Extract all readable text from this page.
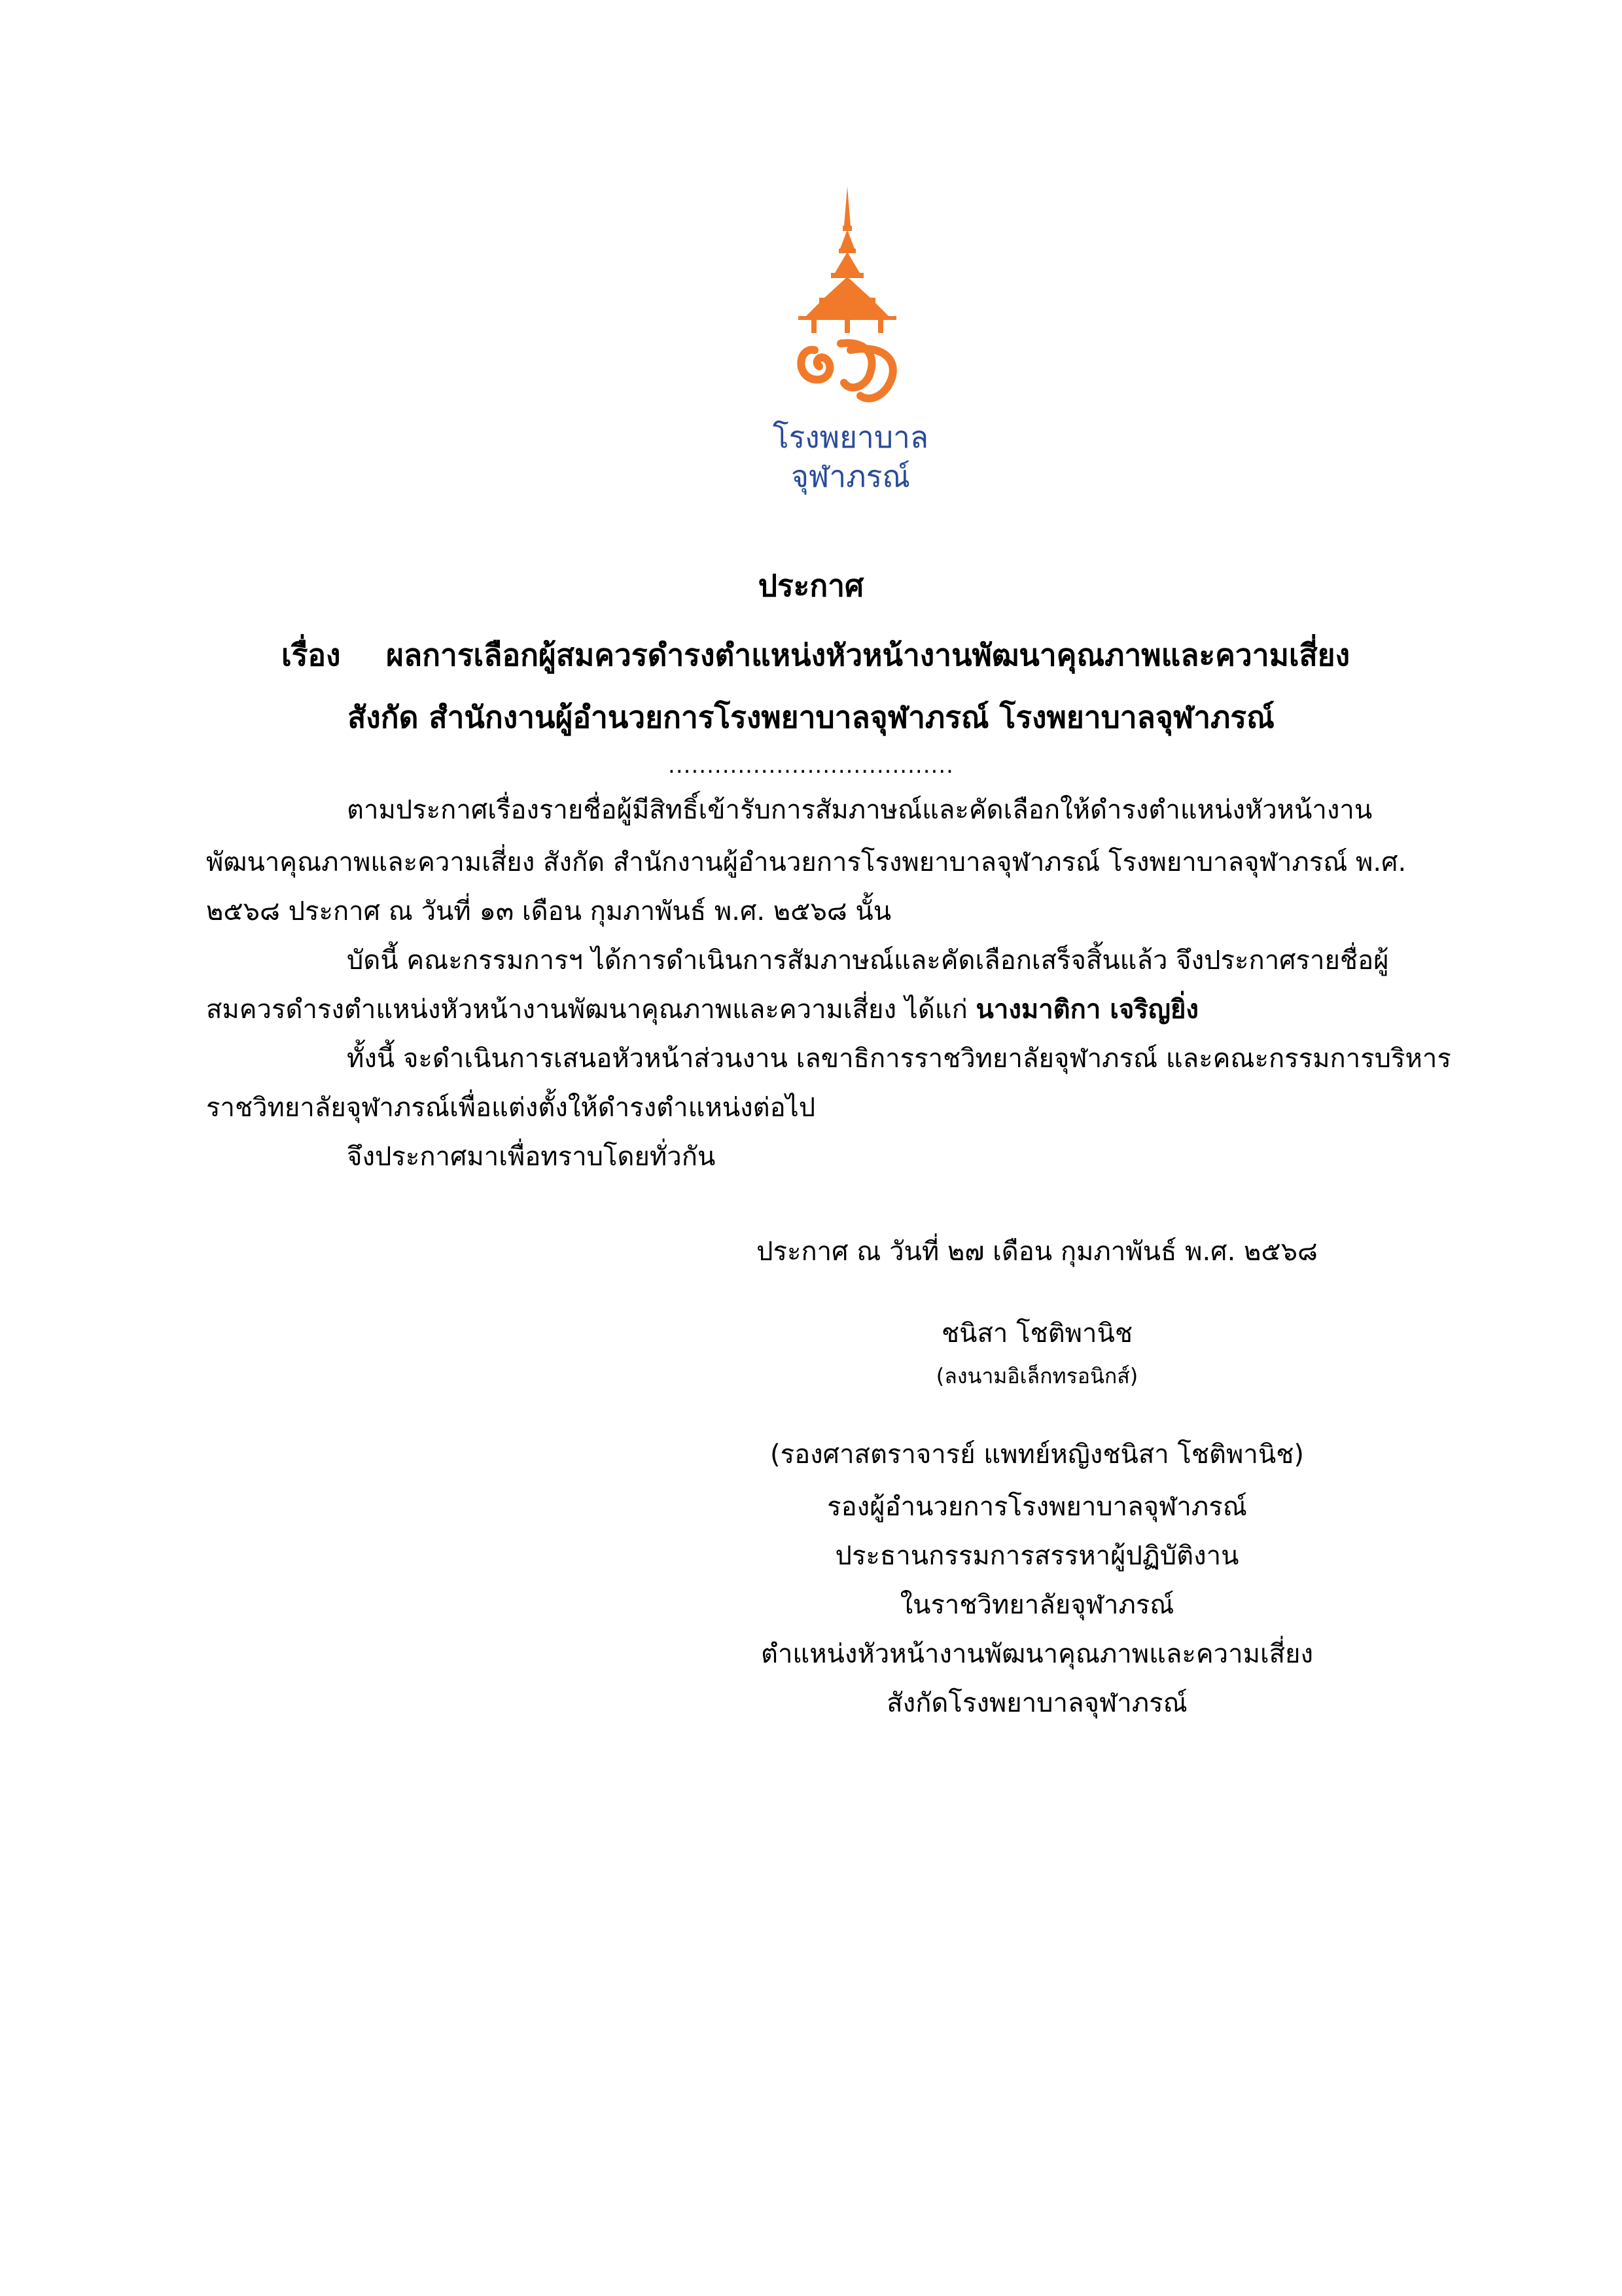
โรงพยาบาล
จุฬาภรณ์
ประกาศ
เรื่อง ผลการเลือกผู้สมควรดำรงตำแหน่งหัวหน้างานพัฒนาคุณภาพและความเสี่ยง
สังกัด สำนักงานผู้อำนวยการโรงพยาบาลจุฬาภรณ์ โรงพยาบาลจุฬาภรณ์
.....................................
ตามประกาศเรื่องรายชื่อผู้มีสิทธิ์เข้ารับการสัมภาษณ์และคัดเลือกให้ดำรงตำแหน่งหัวหน้างาน
พัฒนาคุณภาพและความเสี่ยง สังกัด สำนักงานผู้อำนวยการโรงพยาบาลจุฬาภรณ์ โรงพยาบาลจุฬาภรณ์ พ.ศ.
๒๕๖๘ ประกาศ ณ วันที่ ๑๓ เดือน กุมภาพันธ์ พ.ศ. ๒๕๖๘ นั้น
บัดนี้ คณะกรรมการฯ ได้การดำเนินการสัมภาษณ์และคัดเลือกเสร็จสิ้นแล้ว จึงประกาศรายชื่อผู้
สมควรดำรงตำแหน่งหัวหน้างานพัฒนาคุณภาพและความเสี่ยง ได้แก่ นางมาติกา เจริญยิ่ง
ทั้งนี้ จะดำเนินการเสนอหัวหน้าส่วนงาน เลขาธิการราชวิทยาลัยจุฬาภรณ์ และคณะกรรมการบริหาร
ราชวิทยาลัยจุฬาภรณ์เพื่อแต่งตั้งให้ดำรงตำแหน่งต่อไป
จึงประกาศมาเพื่อทราบโดยทั่วกัน
ประกาศ ณ วันที่ ๒๗ เดือน กุมภาพันธ์ พ.ศ. ๒๕๖๘
ชนิสา โชติพานิช
(ลงนามอิเล็กทรอนิกส์)
(รองศาสตราจารย์ แพทย์หญิงชนิสา โชติพานิช)
รองผู้อำนวยการโรงพยาบาลจุฬาภรณ์
ประธานกรรมการสรรหาผู้ปฏิบัติงาน
ในราชวิทยาลัยจุฬาภรณ์
ตำแหน่งหัวหน้างานพัฒนาคุณภาพและความเสี่ยง
สังกัดโรงพยาบาลจุฬาภรณ์
